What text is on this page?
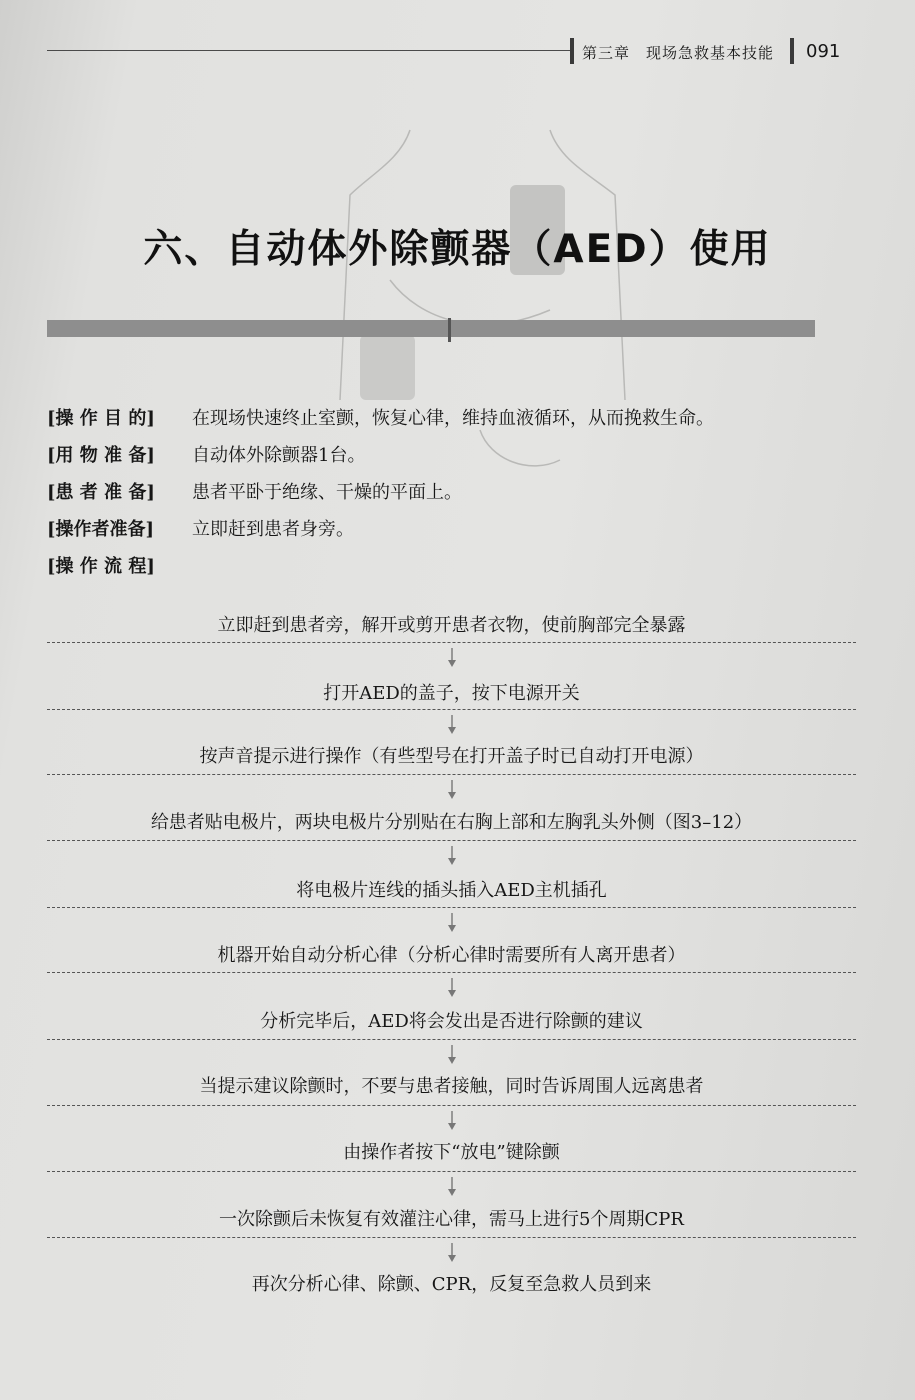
第三章　现场急救基本技能 091
六、自动体外除颤器（AED）使用
[操 作 目 的]	在现场快速终止室颤，恢复心律，维持血液循环，从而挽救生命。
[用 物 准 备]	自动体外除颤器1台。
[患 者 准 备]	患者平卧于绝缘、干燥的平面上。
[操作者准备]	立即赶到患者身旁。
[操 作 流 程]
立即赶到患者旁，解开或剪开患者衣物，使前胸部完全暴露
打开AED的盖子，按下电源开关
按声音提示进行操作（有些型号在打开盖子时已自动打开电源）
给患者贴电极片，两块电极片分别贴在右胸上部和左胸乳头外侧（图3–12）
将电极片连线的插头插入AED主机插孔
机器开始自动分析心律（分析心律时需要所有人离开患者）
分析完毕后，AED将会发出是否进行除颤的建议
当提示建议除颤时，不要与患者接触，同时告诉周围人远离患者
由操作者按下“放电”键除颤
一次除颤后未恢复有效灌注心律，需马上进行5个周期CPR
再次分析心律、除颤、CPR，反复至急救人员到来
